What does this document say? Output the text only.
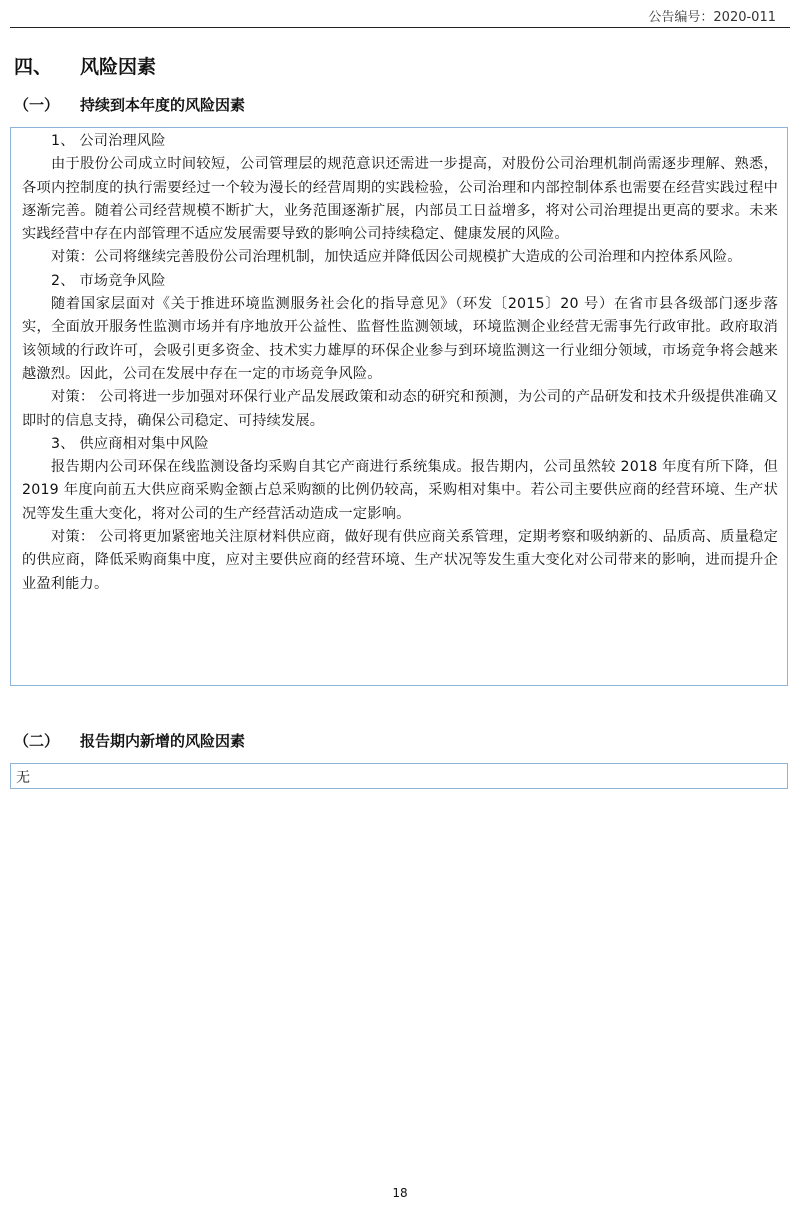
公告编号：2020-011
四、 风险因素
（一） 持续到本年度的风险因素

1、 公司治理风险

由于股份公司成立时间较短，公司管理层的规范意识还需进一步提高，对股份公司治理机制尚需逐步理解、熟悉，各项内控制度的执行需要经过一个较为漫长的经营周期的实践检验，公司治理和内部控制体系也需要在经营实践过程中逐渐完善。随着公司经营规模不断扩大，业务范围逐渐扩展，内部员工日益增多，将对公司治理提出更高的要求。未来实践经营中存在内部管理不适应发展需要导致的影响公司持续稳定、健康发展的风险。

对策：公司将继续完善股份公司治理机制，加快适应并降低因公司规模扩大造成的公司治理和内控体系风险。

2、 市场竞争风险

随着国家层面对《关于推进环境监测服务社会化的指导意见》（环发〔2015〕20 号）在省市县各级部门逐步落实，全面放开服务性监测市场并有序地放开公益性、监督性监测领域，环境监测企业经营无需事先行政审批。政府取消该领域的行政许可，会吸引更多资金、技术实力雄厚的环保企业参与到环境监测这一行业细分领域，市场竞争将会越来越激烈。因此，公司在发展中存在一定的市场竞争风险。

对策： 公司将进一步加强对环保行业产品发展政策和动态的研究和预测，为公司的产品研发和技术升级提供准确又即时的信息支持，确保公司稳定、可持续发展。

3、 供应商相对集中风险

报告期内公司环保在线监测设备均采购自其它产商进行系统集成。报告期内，公司虽然较 2018 年度有所下降，但 2019 年度向前五大供应商采购金额占总采购额的比例仍较高，采购相对集中。若公司主要供应商的经营环境、生产状况等发生重大变化，将对公司的生产经营活动造成一定影响。

对策： 公司将更加紧密地关注原材料供应商，做好现有供应商关系管理，定期考察和吸纳新的、品质高、质量稳定的供应商，降低采购商集中度，应对主要供应商的经营环境、生产状况等发生重大变化对公司带来的影响，进而提升企业盈利能力。

（二） 报告期内新增的风险因素
无
18
